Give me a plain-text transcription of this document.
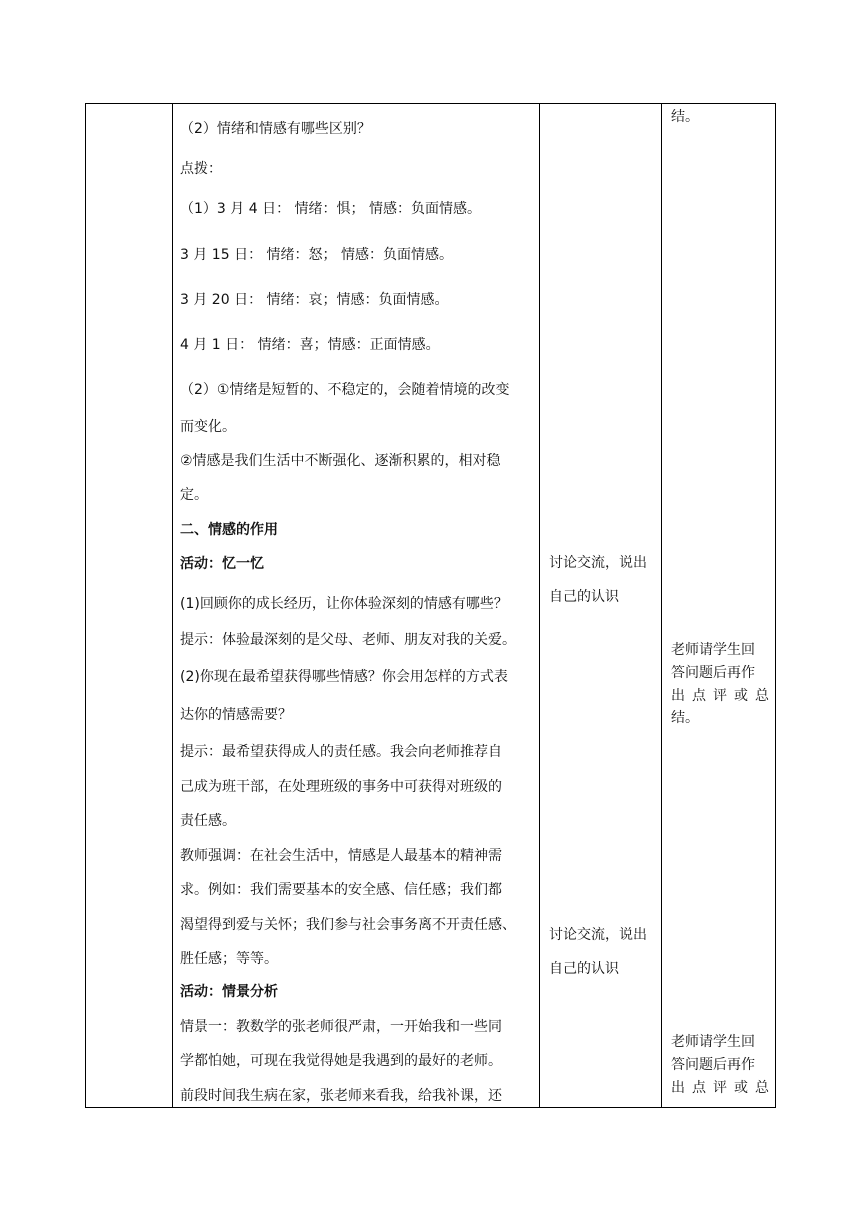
（2）情绪和情感有哪些区别？
点拨：
（1）3 月 4 日： 情绪：惧； 情感：负面情感。
3 月 15 日： 情绪：怒； 情感：负面情感。
3 月 20 日： 情绪：哀；情感：负面情感。
4 月 1 日： 情绪：喜；情感：正面情感。
（2）①情绪是短暂的、不稳定的，会随着情境的改变
而变化。
②情感是我们生活中不断强化、逐渐积累的，相对稳
定。
二、情感的作用
活动：忆一忆
(1)回顾你的成长经历，让你体验深刻的情感有哪些？
提示：体验最深刻的是父母、老师、朋友对我的关爱。
(2)你现在最希望获得哪些情感？你会用怎样的方式表
达你的情感需要？
提示：最希望获得成人的责任感。我会向老师推荐自
己成为班干部，在处理班级的事务中可获得对班级的
责任感。
教师强调：在社会生活中，情感是人最基本的精神需
求。例如：我们需要基本的安全感、信任感；我们都
渴望得到爱与关怀；我们参与社会事务离不开责任感、
胜任感；等等。
活动：情景分析
情景一：教数学的张老师很严肃，一开始我和一些同
学都怕她，可现在我觉得她是我遇到的最好的老师。
前段时间我生病在家，张老师来看我，给我补课，还
讨论交流，说出
自己的认识
讨论交流，说出
自己的认识
结。
老师请学生回
答问题后再作
出 点 评 或 总
结。
老师请学生回
答问题后再作
出 点 评 或 总
